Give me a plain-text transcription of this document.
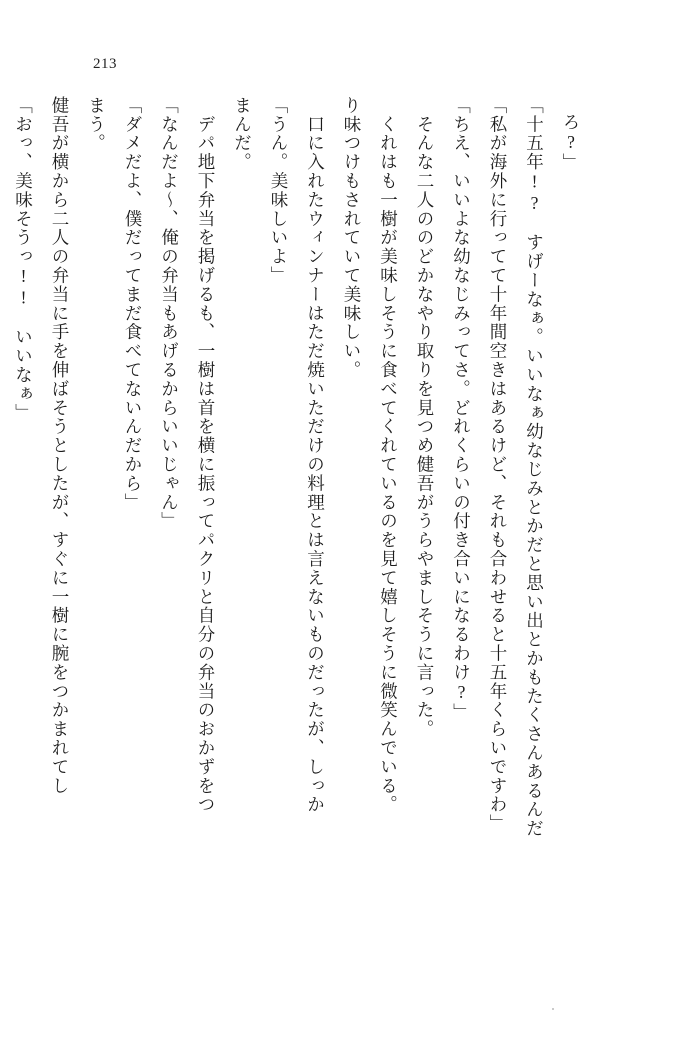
213
「おっ、美味そうっ!!　いいなぁ」 健吾が横から二人の弁当に手を伸ばそうとしたが、すぐに一樹に腕をつかまれてし まう。 「ダメだよ、僕だってまだ食べてないんだから」 「なんだよ～、俺の弁当もあげるからいいじゃん」 　デパ地下弁当を掲げるも、一樹は首を横に振ってパクリと自分の弁当のおかずをつ まんだ。 「うん。美味しいよ」 　口に入れたウィンナーはただ焼いただけの料理とは言えないものだったが、しっか り味つけもされていて美味しい。 　くれはも一樹が美味しそうに食べてくれているのを見て嬉しそうに微笑んでいる。 　そんな二人ののどかなやり取りを見つめ健吾がうらやましそうに言った。 「ちえ、いいよな幼なじみってさ。どれくらいの付き合いになるわけ?」 「私が海外に行ってて十年間空きはあるけど、それも合わせると十五年くらいですわ」 「十五年!?　すげーなぁ。いいなぁ幼なじみとかだと思い出とかもたくさんあるんだ ろ?」
